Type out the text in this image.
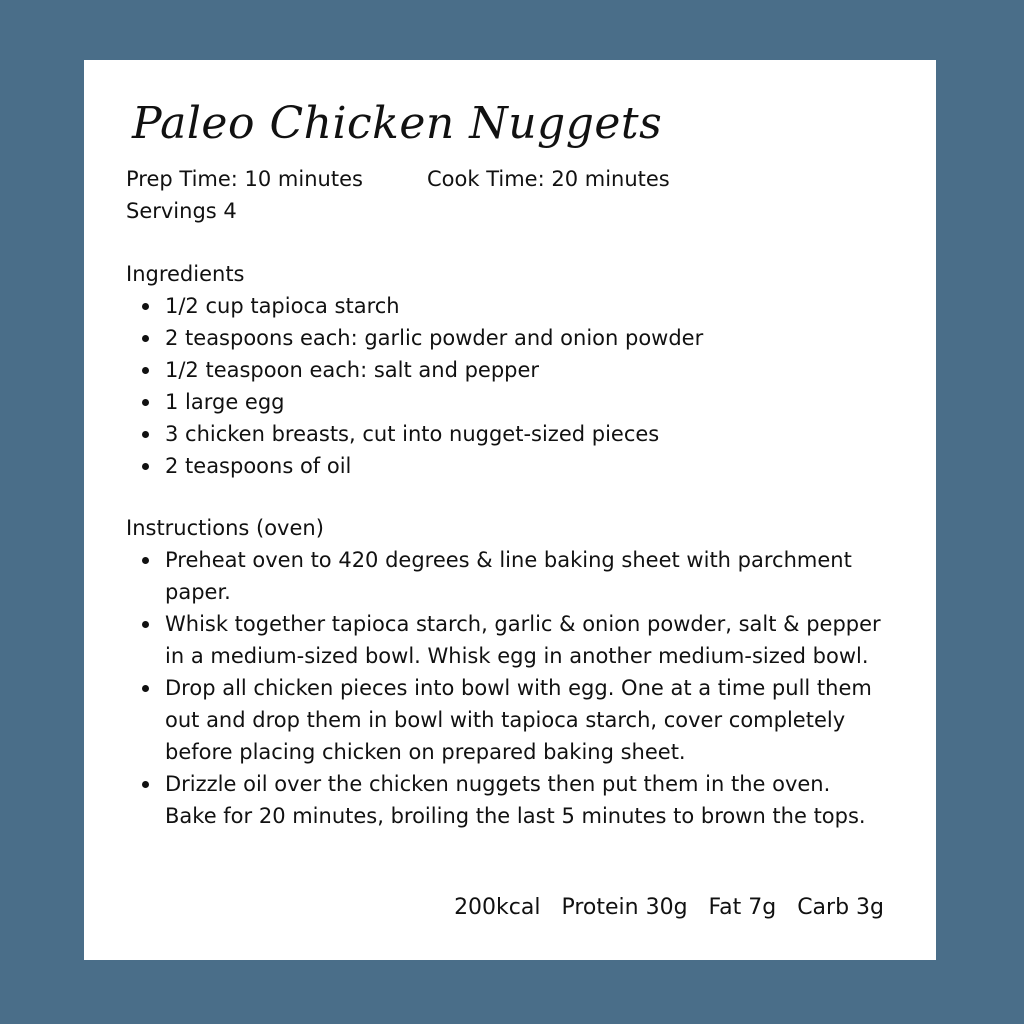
Paleo Chicken Nuggets
Prep Time: 10 minutes	Cook Time: 20 minutes
Servings 4
Ingredients
1/2 cup tapioca starch
2 teaspoons each: garlic powder and onion powder
1/2 teaspoon each: salt and pepper
1 large egg
3 chicken breasts, cut into nugget-sized pieces
2 teaspoons of oil
Instructions (oven)
Preheat oven to 420 degrees & line baking sheet with parchment paper.
Whisk together tapioca starch, garlic & onion powder, salt & pepper in a medium-sized bowl. Whisk egg in another medium-sized bowl.
Drop all chicken pieces into bowl with egg. One at a time pull them out and drop them in bowl with tapioca starch, cover completely before placing chicken on prepared baking sheet.
Drizzle oil over the chicken nuggets then put them in the oven. Bake for 20 minutes, broiling the last 5 minutes to brown the tops.
200kcal   Protein 30g   Fat 7g   Carb 3g
